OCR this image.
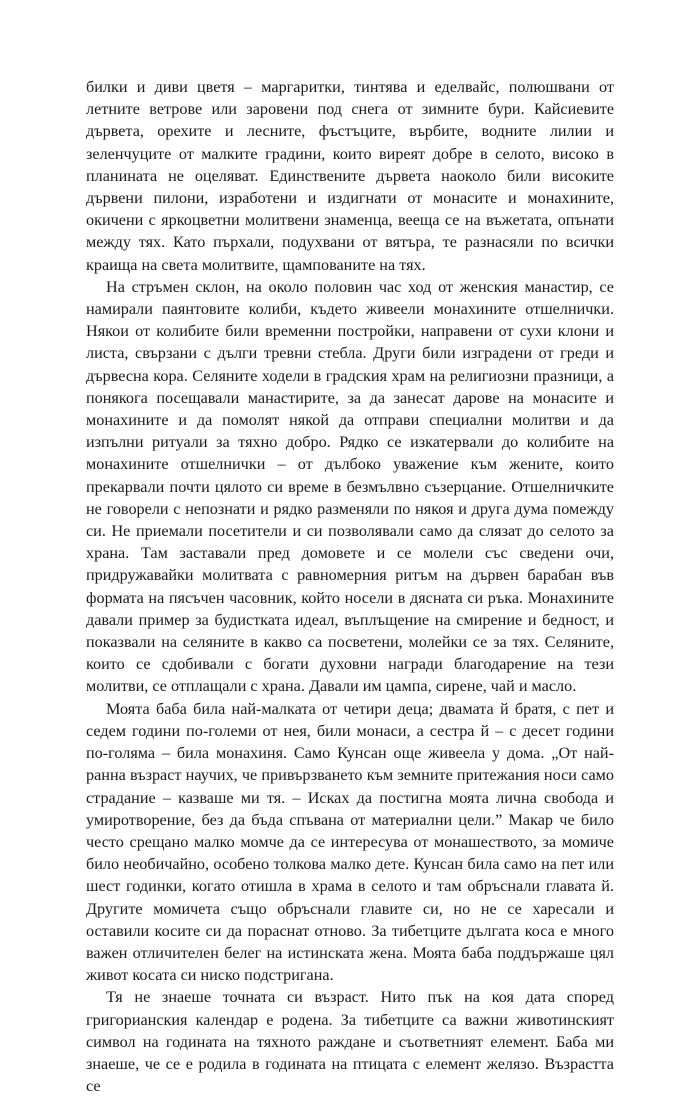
билки и диви цветя – маргаритки, тинтява и еделвайс, полюшвани от летните ветрове или заровени под снега от зимните бури. Кайсиевите дървета, орехите и лесните, фъстъците, върбите, водните лилии и зеленчуците от малките градини, които виреят добре в селото, високо в планината не оцеляват. Единствените дървета наоколо били високите дървени пилони, изработени и издигнати от монасите и монахините, окичени с яркоцветни молитвени знаменца, вееща се на въжетата, опънати между тях. Като пърхали, подухвани от вятъра, те разнасяли по всички краища на света молитвите, щампованите на тях.

На стръмен склон, на около половин час ход от женския манастир, се намирали паянтовите колиби, където живеели монахините отшелнички. Някои от колибите били временни постройки, направени от сухи клони и листа, свързани с дълги тревни стебла. Други били изградени от греди и дървесна кора. Селяните ходели в градския храм на религиозни празници, а понякога посещавали манастирите, за да занесат дарове на монасите и монахините и да помолят някой да отправи специални молитви и да изпълни ритуали за тяхно добро. Рядко се изкатервали до колибите на монахините отшелнички – от дълбоко уважение към жените, които прекарвали почти цялото си време в безмълвно съзерцание. Отшелничките не говорели с непознати и рядко разменяли по някоя и друга дума помежду си. Не приемали посетители и си позволявали само да слязат до селото за храна. Там заставали пред домовете и се молели със сведени очи, придружавайки молитвата с равномерния ритъм на дървен барабан във формата на пясъчен часовник, който носели в дясната си ръка. Монахините давали пример за будистката идеал, въплъщение на смирение и бедност, и показвали на селяните в какво са посветени, молейки се за тях. Селяните, които се сдобивали с богати духовни награди благодарение на тези молитви, се отплащали с храна. Давали им цампа, сирене, чай и масло.

Моята баба била най-малката от четири деца; двамата й братя, с пет и седем години по-големи от нея, били монаси, а сестра й – с десет години по-голяма – била монахиня. Само Кунсан още живеела у дома. „От най-ранна възраст научих, че привързването към земните притежания носи само страдание – казваше ми тя. – Исках да постигна моята лична свобода и умиротворение, без да бъда спъвана от материални цели.” Макар че било често срещано малко момче да се интересува от монашеството, за момиче било необичайно, особено толкова малко дете. Кунсан била само на пет или шест годинки, когато отишла в храма в селото и там обръснали главата й. Другите момичета също обръснали главите си, но не се харесали и оставили косите си да пораснат отново. За тибетците дългата коса е много важен отличителен белег на истинската жена. Моята баба поддържаше цял живот косата си ниско подстригана.

Тя не знаеше точната си възраст. Нито пък на коя дата според григорианския календар е родена. За тибетците са важни животинският символ на годината на тяхното раждане и съответният елемент. Баба ми знаеше, че се е родила в годината на птицата с елемент желязо. Възрастта се
